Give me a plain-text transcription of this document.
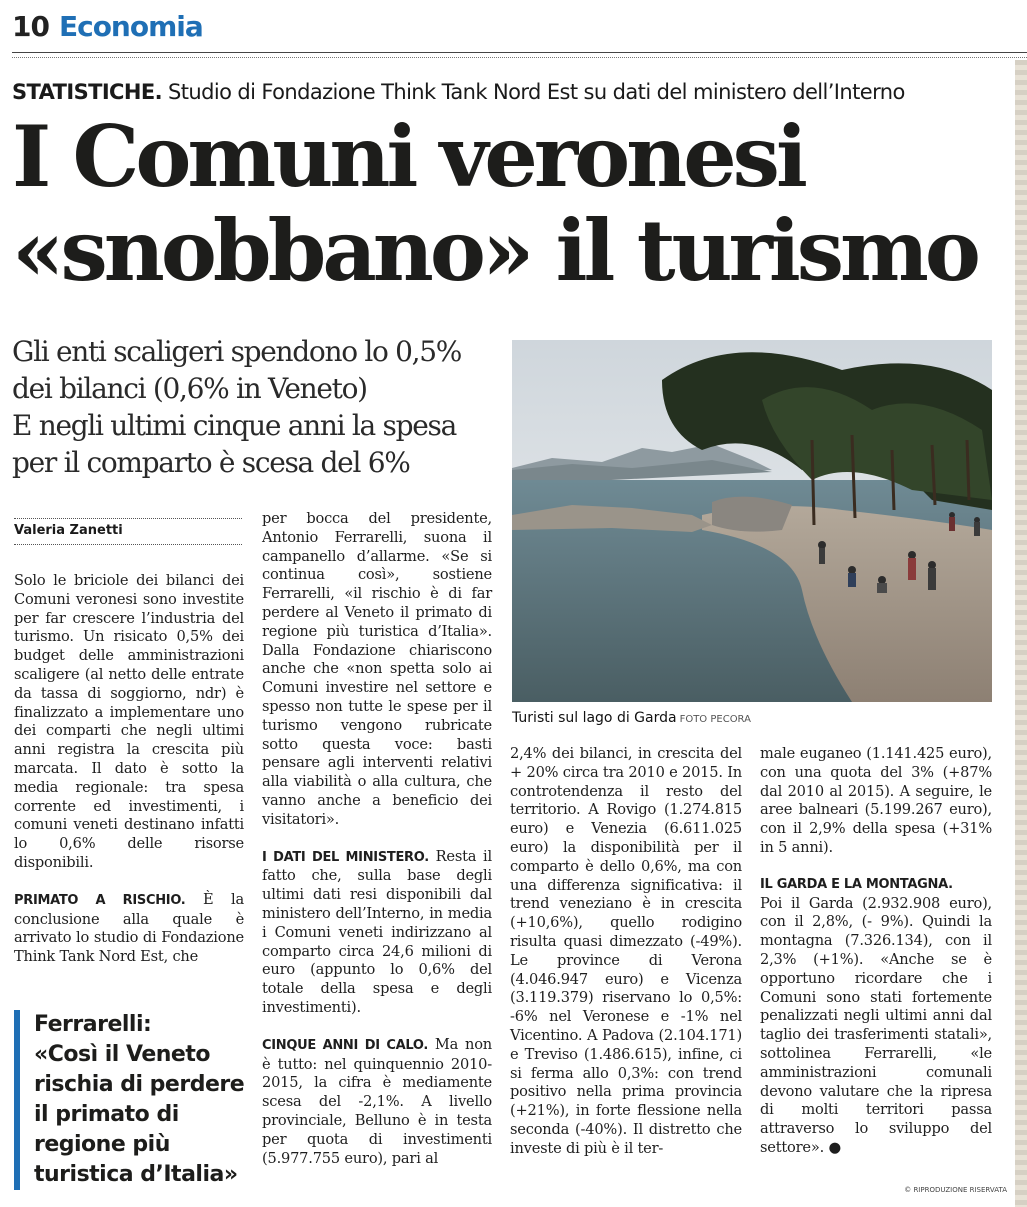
10 Economia
STATISTICHE. Studio di Fondazione Think Tank Nord Est su dati del ministero dell’Interno
I Comuni veronesi
«snobbano» il turismo
Gli enti scaligeri spendono lo 0,5%
dei bilanci (0,6% in Veneto)
E negli ultimi cinque anni la spesa
per il comparto è scesa del 6%
Turisti sul lago di Garda FOTO PECORA
Valeria Zanetti

Solo le briciole dei bilanci dei Comuni veronesi sono investite per far crescere l’industria del turismo. Un risicato 0,5% dei budget delle amministrazioni scaligere (al netto delle entrate da tassa di soggiorno, ndr) è finalizzato a implementare uno dei comparti che negli ultimi anni registra la crescita più marcata. Il dato è sotto la media regionale: tra spesa corrente ed investimenti, i comuni veneti destinano infatti lo 0,6% delle risorse disponibili.

PRIMATO A RISCHIO. È la conclusione alla quale è arrivato lo studio di Fondazione Think Tank Nord Est, che

Ferrarelli:
«Così il Veneto rischia di perdere il primato di regione più turistica d’Italia»

per bocca del presidente, Antonio Ferrarelli, suona il campanello d’allarme. «Se si continua così», sostiene Ferrarelli, «il rischio è di far perdere al Veneto il primato di regione più turistica d’Italia». Dalla Fondazione chiariscono anche che «non spetta solo ai Comuni investire nel settore e spesso non tutte le spese per il turismo vengono rubricate sotto questa voce: basti pensare agli interventi relativi alla viabilità o alla cultura, che vanno anche a beneficio dei visitatori».

I DATI DEL MINISTERO. Resta il fatto che, sulla base degli ultimi dati resi disponibili dal ministero dell’Interno, in media i Comuni veneti indirizzano al comparto circa 24,6 milioni di euro (appunto lo 0,6% del totale della spesa e degli investimenti).

CINQUE ANNI DI CALO. Ma non è tutto: nel quinquennio 2010-2015, la cifra è mediamente scesa del -2,1%. A livello provinciale, Belluno è in testa per quota di investimenti (5.977.755 euro), pari al

2,4% dei bilanci, in crescita del + 20% circa tra 2010 e 2015. In controtendenza il resto del territorio. A Rovigo (1.274.815 euro) e Venezia (6.611.025 euro) la disponibilità per il comparto è dello 0,6%, ma con una differenza significativa: il trend veneziano è in crescita (+10,6%), quello rodigino risulta quasi dimezzato (-49%). Le province di Verona (4.046.947 euro) e Vicenza (3.119.379) riservano lo 0,5%: -6% nel Veronese e -1% nel Vicentino. A Padova (2.104.171) e Treviso (1.486.615), infine, ci si ferma allo 0,3%: con trend positivo nella prima provincia (+21%), in forte flessione nella seconda (-40%). Il distretto che investe di più è il ter-

male euganeo (1.141.425 euro), con una quota del 3% (+87% dal 2010 al 2015). A seguire, le aree balneari (5.199.267 euro), con il 2,9% della spesa (+31% in 5 anni).

IL GARDA E LA MONTAGNA.

Poi il Garda (2.932.908 euro), con il 2,8%, (- 9%). Quindi la montagna (7.326.134), con il 2,3% (+1%). «Anche se è opportuno ricordare che i Comuni sono stati fortemente penalizzati negli ultimi anni dal taglio dei trasferimenti statali», sottolinea Ferrarelli, «le amministrazioni comunali devono valutare che la ripresa di molti territori passa attraverso lo sviluppo del settore». ●

© RIPRODUZIONE RISERVATA
